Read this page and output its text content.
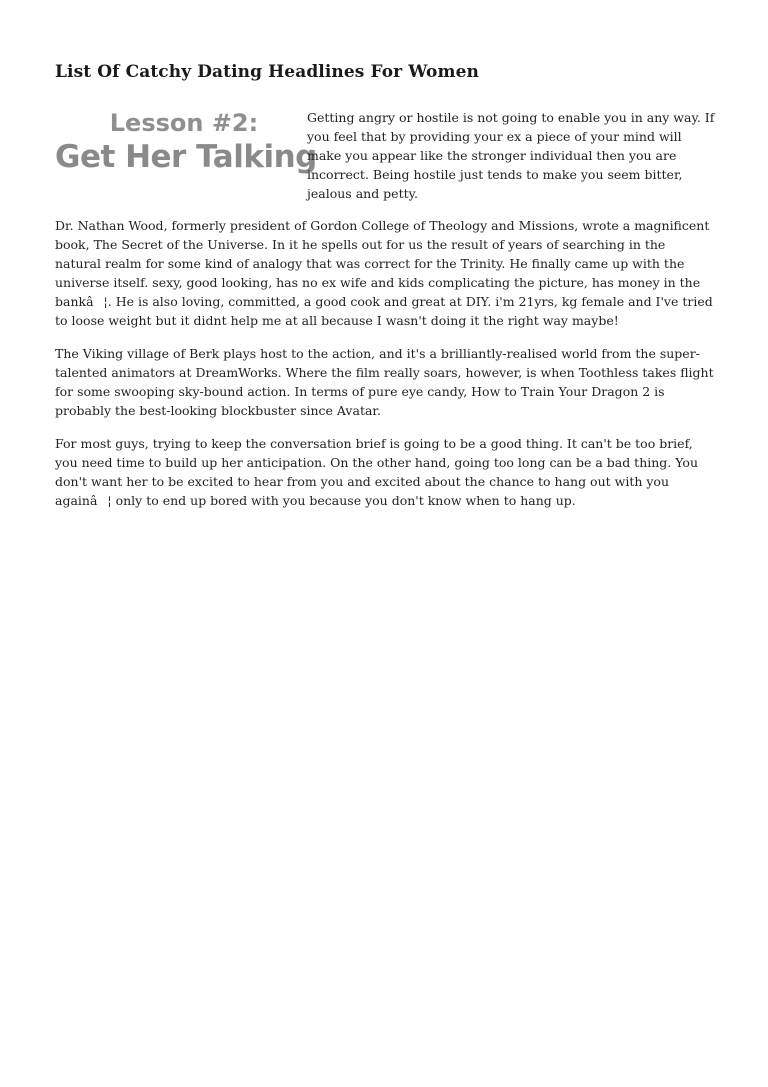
List Of Catchy Dating Headlines For Women
Lesson #2:
Get Her Talking

Getting angry or hostile is not going to enable you in any way. If you feel that by providing your ex a piece of your mind will make you appear like the stronger individual then you are incorrect. Being hostile just tends to make you seem bitter, jealous and petty.

Dr. Nathan Wood, formerly president of Gordon College of Theology and Missions, wrote a magnificent book, The Secret of the Universe. In it he spells out for us the result of years of searching in the natural realm for some kind of analogy that was correct for the Trinity. He finally came up with the universe itself. sexy, good looking, has no ex wife and kids complicating the picture, has money in the bankâ¦. He is also loving, committed, a good cook and great at DIY. i'm 21yrs, kg female and I've tried to loose weight but it didnt help me at all because I wasn't doing it the right way maybe!

The Viking village of Berk plays host to the action, and it's a brilliantly-realised world from the super-talented animators at DreamWorks. Where the film really soars, however, is when Toothless takes flight for some swooping sky-bound action. In terms of pure eye candy, How to Train Your Dragon 2 is probably the best-looking blockbuster since Avatar.

For most guys, trying to keep the conversation brief is going to be a good thing. It can't be too brief, you need time to build up her anticipation. On the other hand, going too long can be a bad thing. You don't want her to be excited to hear from you and excited about the chance to hang out with you againâ¦ only to end up bored with you because you don't know when to hang up.
